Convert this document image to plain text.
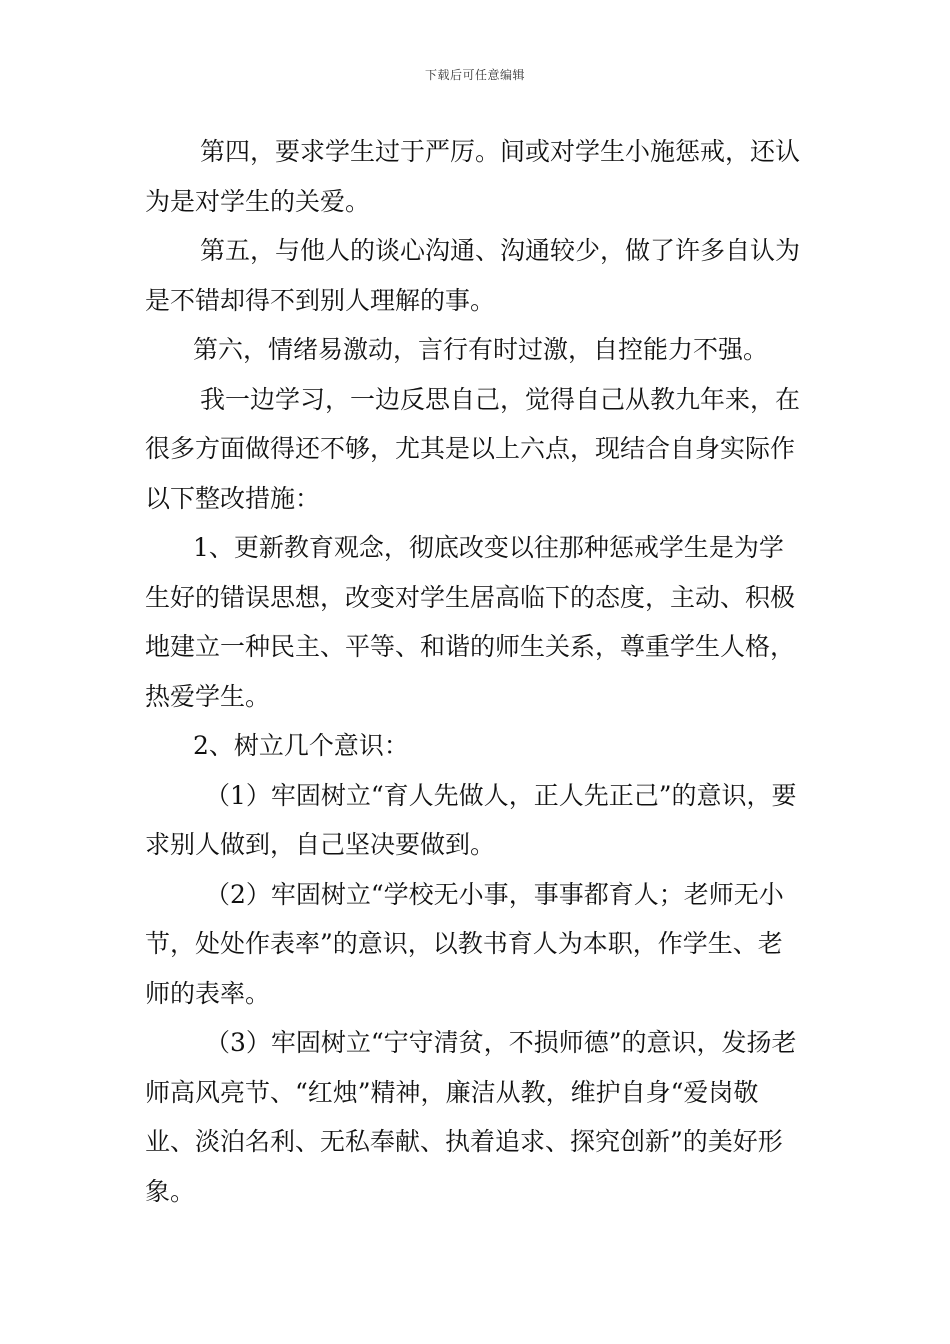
下载后可任意编辑

第四，要求学生过于严厉。间或对学生小施惩戒，还认为是对学生的关爱。

第五，与他人的谈心沟通、沟通较少，做了许多自认为是不错却得不到别人理解的事。

第六，情绪易激动，言行有时过激，自控能力不强。

我一边学习，一边反思自己，觉得自己从教九年来，在很多方面做得还不够，尤其是以上六点，现结合自身实际作以下整改措施：

1、更新教育观念，彻底改变以往那种惩戒学生是为学生好的错误思想，改变对学生居高临下的态度，主动、积极地建立一种民主、平等、和谐的师生关系，尊重学生人格，热爱学生。

2、树立几个意识：

（1）牢固树立“育人先做人，正人先正己”的意识，要求别人做到，自己坚决要做到。

（2）牢固树立“学校无小事，事事都育人；老师无小节，处处作表率”的意识，以教书育人为本职，作学生、老师的表率。

（3）牢固树立“宁守清贫，不损师德”的意识，发扬老师高风亮节、“红烛”精神，廉洁从教，维护自身“爱岗敬业、淡泊名利、无私奉献、执着追求、探究创新”的美好形象。
